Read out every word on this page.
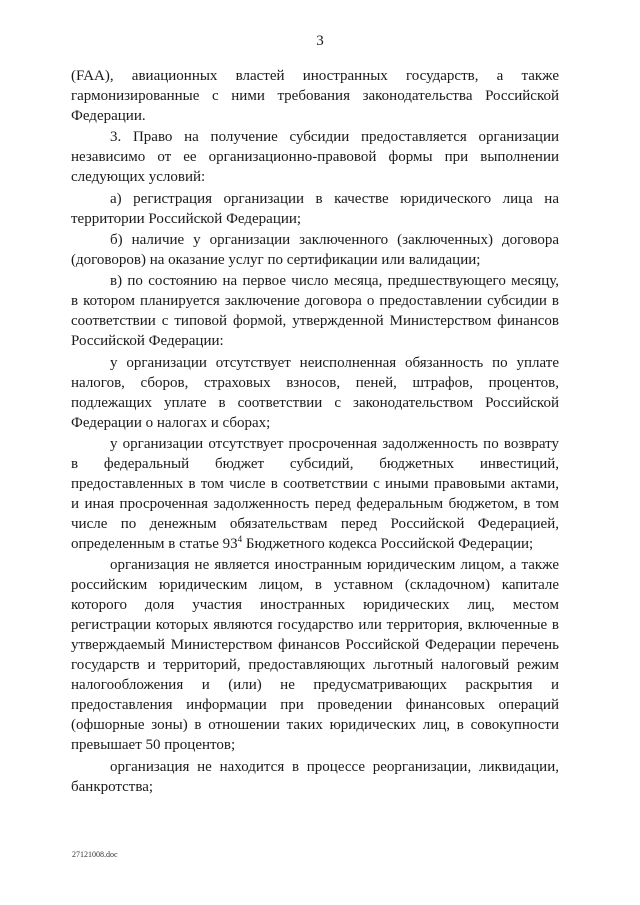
3
(FAA), авиационных властей иностранных государств, а также
гармонизированные с ними требования законодательства Российской
Федерации.
3. Право на получение субсидии предоставляется организации
независимо от ее организационно-правовой формы при выполнении
следующих условий:
а) регистрация организации в качестве юридического лица на
территории Российской Федерации;
б) наличие у организации заключенного (заключенных) договора
(договоров) на оказание услуг по сертификации или валидации;
в) по состоянию на первое число месяца, предшествующего месяцу,
в котором планируется заключение договора о предоставлении субсидии в
соответствии с типовой формой, утвержденной Министерством финансов
Российской Федерации:
у организации отсутствует неисполненная обязанность по уплате
налогов, сборов, страховых взносов, пеней, штрафов, процентов,
подлежащих уплате в соответствии с законодательством Российской
Федерации о налогах и сборах;
у организации отсутствует просроченная задолженность по возврату
в федеральный бюджет субсидий, бюджетных инвестиций,
предоставленных в том числе в соответствии с иными правовыми актами,
и иная просроченная задолженность перед федеральным бюджетом, в том
числе по денежным обязательствам перед Российской Федерацией,
определенным в статье $93^4$ Бюджетного кодекса Российской Федерации;
организация не является иностранным юридическим лицом, а также
российским юридическим лицом, в уставном (складочном) капитале
которого доля участия иностранных юридических лиц, местом
регистрации которых являются государство или территория, включенные в
утверждаемый Министерством финансов Российской Федерации перечень
государств и территорий, предоставляющих льготный налоговый режим
налогообложения и (или) не предусматривающих раскрытия и
предоставления информации при проведении финансовых операций
(офшорные зоны) в отношении таких юридических лиц, в совокупности
превышает 50 процентов;
организация не находится в процессе реорганизации, ликвидации,
банкротства;
27121008.doc
